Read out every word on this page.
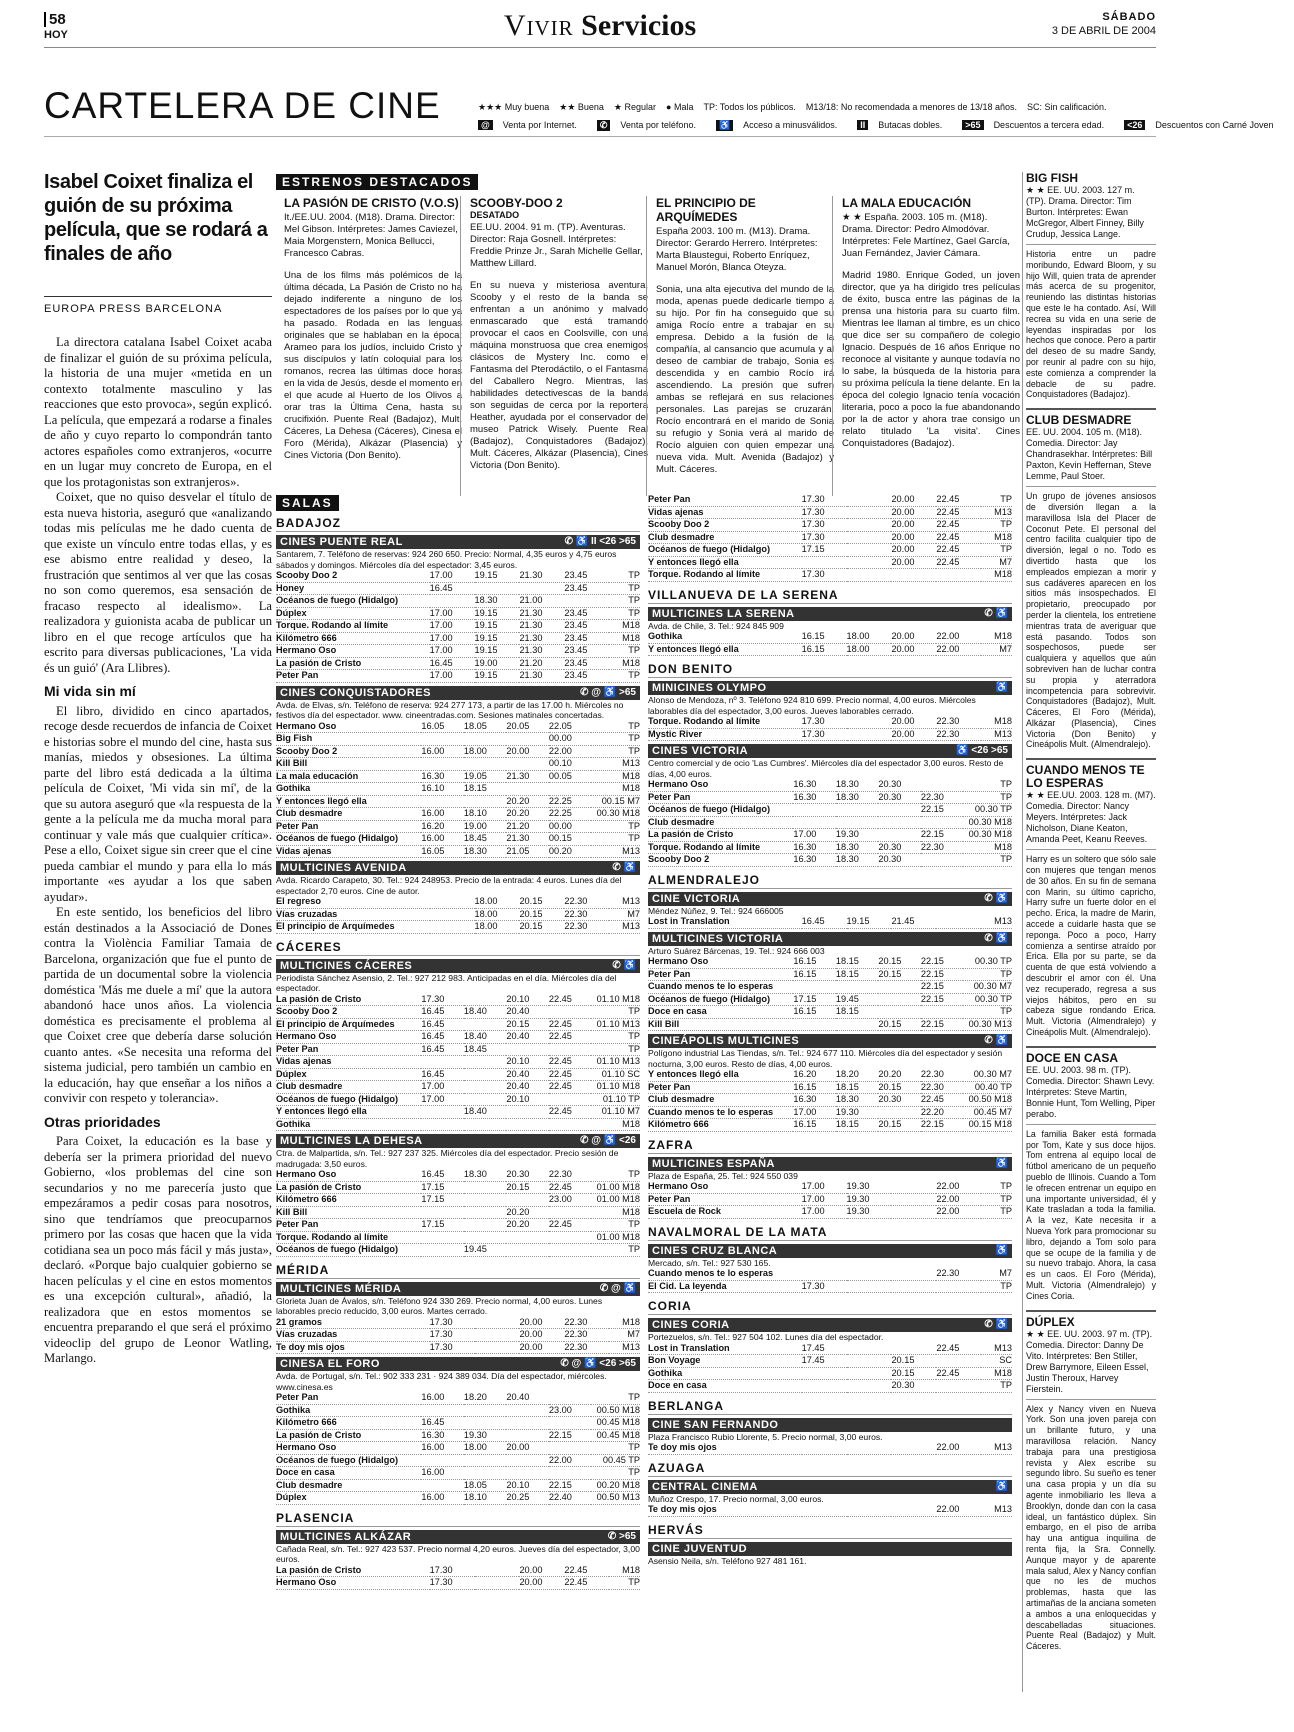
58
HOY	Vivir Servicios	SÁBADO
3 DE ABRIL DE 2004
CARTELERA DE CINE	★★★ Muy buena ★★ Buena ★ Regular ● Mala TP: Todos los públicos. M13/18: No recomendada a menores de 13/18 años. SC: Sin calificación.
@ Venta por Internet.	✆ Venta por teléfono.	♿ Acceso a minusválidos.	II Butacas dobles.	>65 Descuentos a tercera edad.	<26 Descuentos con Carné Joven
Isabel Coixet finaliza el guión de su próxima película, que se rodará a finales de año
EUROPA PRESS BARCELONA

La directora catalana Isabel Coixet acaba de finalizar el guión de su próxima película, la historia de una mujer «metida en un contexto totalmente masculino y las reacciones que esto provoca», según explicó. La película, que empezará a rodarse a finales de año y cuyo reparto lo compondrán tanto actores españoles como extranjeros, «ocurre en un lugar muy concreto de Europa, en el que los protagonistas son extranjeros».

Coixet, que no quiso desvelar el título de esta nueva historia, aseguró que «analizando todas mis películas me he dado cuenta de que existe un vínculo entre todas ellas, y es ese abismo entre realidad y deseo, la frustración que sentimos al ver que las cosas no son como queremos, esa sensación de fracaso respecto al idealismo». La realizadora y guionista acaba de publicar un libro en el que recoge artículos que ha escrito para diversas publicaciones, 'La vida és un guió' (Ara Llibres).

Mi vida sin mí

El libro, dividido en cinco apartados, recoge desde recuerdos de infancia de Coixet e historias sobre el mundo del cine, hasta sus manías, miedos y obsesiones. La última parte del libro está dedicada a la última película de Coixet, 'Mi vida sin mí', de la que su autora aseguró que «la respuesta de la gente a la película me da mucha moral para continuar y vale más que cualquier crítica». Pese a ello, Coixet sigue sin creer que el cine pueda cambiar el mundo y para ella lo más importante «es ayudar a los que saben ayudar».

En este sentido, los beneficios del libro están destinados a la Associació de Dones contra la Violència Familiar Tamaia de Barcelona, organización que fue el punto de partida de un documental sobre la violencia doméstica 'Más me duele a mí' que la autora abandonó hace unos años. La violencia doméstica es precisamente el problema al que Coixet cree que debería darse solución cuanto antes. «Se necesita una reforma del sistema judicial, pero también un cambio en la educación, hay que enseñar a los niños a convivir con respeto y tolerancia».

Otras prioridades

Para Coixet, la educación es la base y debería ser la primera prioridad del nuevo Gobierno, «los problemas del cine son secundarios y no me parecería justo que empezáramos a pedir cosas para nosotros, sino que tendríamos que preocuparnos primero por las cosas que hacen que la vida cotidiana sea un poco más fácil y más justa», declaró. «Porque bajo cualquier gobierno se hacen películas y el cine en estos momentos es una excepción cultural», añadió, la realizadora que en estos momentos se encuentra preparando el que será el próximo videoclip del grupo de Leonor Watling, Marlango.

ESTRENOS DESTACADOS
LA PASIÓN DE CRISTO (V.O.S)
It./EE.UU. 2004. (M18). Drama. Director: Mel Gibson. Intérpretes: James Caviezel, Maia Morgenstern, Monica Bellucci, Francesco Cabras.
Una de los films más polémicos de la última década, La Pasión de Cristo no ha dejado indiferente a ninguno de los espectadores de los países por lo que ya ha pasado. Rodada en las lenguas originales que se hablaban en la época; Arameo para los judíos, incluido Cristo y sus discípulos y latín coloquial para los romanos, recrea las últimas doce horas en la vida de Jesús, desde el momento en el que acude al Huerto de los Olivos a orar tras la Última Cena, hasta su crucifixión. Puente Real (Badajoz), Mult. Cáceres, La Dehesa (Cáceres), Cinesa el Foro (Mérida), Alkázar (Plasencia) y Cines Victoria (Don Benito).
SCOOBY-DOO 2
DESATADO
EE.UU. 2004. 91 m. (TP). Aventuras. Director: Raja Gosnell. Intérpretes: Freddie Prinze Jr., Sarah Michelle Gellar, Matthew Lillard.
En su nueva y misteriosa aventura, Scooby y el resto de la banda se enfrentan a un anónimo y malvado enmascarado que está tramando provocar el caos en Coolsville, con una máquina monstruosa que crea enemigos clásicos de Mystery Inc. como el Fantasma del Pterodáctilo, o el Fantasma del Caballero Negro. Mientras, las habilidades detectivescas de la banda son seguidas de cerca por la reportera Heather, ayudada por el conservador del museo Patrick Wisely. Puente Real (Badajoz), Conquistadores (Badajoz), Mult. Cáceres, Alkázar (Plasencia), Cines Victoria (Don Benito).
EL PRINCIPIO DE ARQUÍMEDES
España 2003. 100 m. (M13). Drama. Director: Gerardo Herrero. Intérpretes: Marta Blaustegui, Roberto Enríquez, Manuel Morón, Blanca Oteyza.
Sonia, una alta ejecutiva del mundo de la moda, apenas puede dedicarle tiempo a su hijo. Por fin ha conseguido que su amiga Rocío entre a trabajar en su empresa. Debido a la fusión de la compañía, al cansancio que acumula y al deseo de cambiar de trabajo, Sonia es descendida y en cambio Rocío irá ascendiendo. La presión que sufren ambas se reflejará en sus relaciones personales. Las parejas se cruzarán. Rocío encontrará en el marido de Sonia su refugio y Sonia verá al marido de Rocío alguien con quien empezar una nueva vida. Mult. Avenida (Badajoz) y Mult. Cáceres.
LA MALA EDUCACIÓN
★ ★ España. 2003. 105 m. (M18). Drama. Director: Pedro Almodóvar. Intérpretes: Fele Martínez, Gael García, Juan Fernández, Javier Cámara.
Madrid 1980. Enrique Goded, un joven director, que ya ha dirigido tres películas de éxito, busca entre las páginas de la prensa una historia para su cuarto film. Mientras lee llaman al timbre, es un chico que dice ser su compañero de colegio Ignacio. Después de 16 años Enrique no reconoce al visitante y aunque todavía no lo sabe, la búsqueda de la historia para su próxima película la tiene delante. En la época del colegio Ignacio tenía vocación literaria, poco a poco la fue abandonando por la de actor y ahora trae consigo un relato titulado 'La visita'. Cines Conquistadores (Badajoz).
SALAS
BADAJOZ
CINES PUENTE REAL	✆ ♿ II <26 >65
Santarem, 7. Teléfono de reservas: 924 260 650. Precio: Normal, 4,35 euros y 4,75 euros sábados y domingos. Miércoles día del espectador: 3,45 euros.
Scooby Doo 2	17.00	19.15	21.30	23.45	TP
Honey	16.45			23.45	TP
Océanos de fuego (Hidalgo)		18.30	21.00		TP
Dúplex	17.00	19.15	21.30	23.45	TP
Torque. Rodando al límite	17.00	19.15	21.30	23.45	M18
Kilómetro 666	17.00	19.15	21.30	23.45	M18
Hermano Oso	17.00	19.15	21.30	23.45	TP
La pasión de Cristo	16.45	19.00	21.20	23.45	M18
Peter Pan	17.00	19.15	21.30	23.45	TP
CINES CONQUISTADORES	✆ @ ♿ >65
Avda. de Elvas, s/n. Teléfono de reserva: 924 277 173, a partir de las 17.00 h. Miércoles no festivos día del espectador. www. cineentradas.com. Sesiones matinales concertadas.
Hermano Oso	16.05	18.05	20.05	22.05	TP
Big Fish				00.00	TP
Scooby Doo 2	16.00	18.00	20.00	22.00	TP
Kill Bill				00.10	M13
La mala educación	16.30	19.05	21.30	00.05	M18
Gothika	16.10	18.15			M18
Y entonces llegó ella			20.20	22.25	00.15 M7
Club desmadre	16.00	18.10	20.20	22.25	00.30 M18
Peter Pan	16.20	19.00	21.20	00.00	TP
Océanos de fuego (Hidalgo)	16.00	18.45	21.30	00.15	TP
Vidas ajenas	16.05	18.30	21.05	00.20	M13
MULTICINES AVENIDA	✆ ♿
Avda. Ricardo Carapeto, 30. Tel.: 924 248953. Precio de la entrada: 4 euros. Lunes día del espectador 2,70 euros. Cine de autor.
El regreso		18.00	20.15	22.30	M13
Vías cruzadas		18.00	20.15	22.30	M7
El principio de Arquímedes		18.00	20.15	22.30	M13
CÁCERES
MULTICINES CÁCERES	✆ ♿
Periodista Sánchez Asensio, 2. Tel.: 927 212 983. Anticipadas en el día. Miércoles día del espectador.
La pasión de Cristo	17.30		20.10	22.45	01.10 M18
Scooby Doo 2	16.45	18.40	20.40		TP
El principio de Arquímedes	16.45		20.15	22.45	01.10 M13
Hermano Oso	16.45	18.40	20.40	22.45	TP
Peter Pan	16.45	18.45			TP
Vidas ajenas			20.10	22.45	01.10 M13
Dúplex	16.45		20.40	22.45	01.10 SC
Club desmadre	17.00		20.40	22.45	01.10 M18
Océanos de fuego (Hidalgo)	17.00		20.10		01.10 TP
Y entonces llegó ella		18.40		22.45	01.10 M7
Gothika					M18
MULTICINES LA DEHESA	✆ @ ♿ <26
Ctra. de Malpartida, s/n. Tel.: 927 237 325. Miércoles día del espectador. Precio sesión de madrugada: 3,50 euros.
Hermano Oso	16.45	18.30	20.30	22.30	TP
La pasión de Cristo	17.15		20.15	22.45	01.00 M18
Kilómetro 666	17.15			23.00	01.00 M18
Kill Bill			20.20		M18
Peter Pan	17.15		20.20	22.45	TP
Torque. Rodando al límite					01.00 M18
Océanos de fuego (Hidalgo)		19.45			TP
MÉRIDA
MULTICINES MÉRIDA	✆ @ ♿
Glorieta Juan de Ávalos, s/n. Teléfono 924 330 269. Precio normal, 4,00 euros. Lunes laborables precio reducido, 3,00 euros. Martes cerrado.
21 gramos	17.30		20.00	22.30	M18
Vías cruzadas	17.30		20.00	22.30	M7
Te doy mis ojos	17.30		20.00	22.30	M13
CINESA EL FORO	✆ @ ♿ <26 >65
Avda. de Portugal, s/n. Tel.: 902 333 231 · 924 389 034. Día del espectador, miércoles. www.cinesa.es
Peter Pan	16.00	18.20	20.40		TP
Gothika				23.00	00.50 M18
Kilómetro 666	16.45				00.45 M18
La pasión de Cristo	16.30	19.30		22.15	00.45 M18
Hermano Oso	16.00	18.00	20.00		TP
Océanos de fuego (Hidalgo)				22.00	00.45 TP
Doce en casa	16.00				TP
Club desmadre		18.05	20.10	22.15	00.20 M18
Dúplex	16.00	18.10	20.25	22.40	00.50 M13
PLASENCIA
MULTICINES ALKÁZAR	✆ >65
Cañada Real, s/n. Tel.: 927 423 537. Precio normal 4,20 euros. Jueves día del espectador, 3,00 euros.
La pasión de Cristo	17.30		20.00	22.45	M18
Hermano Oso	17.30		20.00	22.45	TP
Peter Pan	17.30		20.00	22.45	TP
Vidas ajenas	17.30		20.00	22.45	M13
Scooby Doo 2	17.30		20.00	22.45	TP
Club desmadre	17.30		20.00	22.45	M18
Océanos de fuego (Hidalgo)	17.15		20.00	22.45	TP
Y entonces llegó ella			20.00	22.45	M7
Torque. Rodando al límite	17.30				M18
VILLANUEVA DE LA SERENA
MULTICINES LA SERENA	✆ ♿
Avda. de Chile, 3. Tel.: 924 845 909
Gothika	16.15	18.00	20.00	22.00	M18
Y entonces llegó ella	16.15	18.00	20.00	22.00	M7
DON BENITO
MINICINES OLYMPO	♿
Alonso de Mendoza, nº 3. Teléfono 924 810 699. Precio normal, 4,00 euros. Miércoles laborables día del espectador, 3,00 euros. Jueves laborables cerrado.
Torque. Rodando al límite	17.30		20.00	22.30	M18
Mystic River	17.30		20.00	22.30	M13
CINES VICTORIA	♿ <26 >65
Centro comercial y de ocio 'Las Cumbres'. Miércoles día del espectador 3,00 euros. Resto de días, 4,00 euros.
Hermano Oso	16.30	18.30	20.30		TP
Peter Pan	16.30	18.30	20.30	22.30	TP
Océanos de fuego (Hidalgo)				22.15	00.30 TP
Club desmadre					00.30 M18
La pasión de Cristo	17.00	19.30		22.15	00.30 M18
Torque. Rodando al límite	16.30	18.30	20.30	22.30	M18
Scooby Doo 2	16.30	18.30	20.30		TP
ALMENDRALEJO
CINE VICTORIA	✆ ♿
Méndez Núñez, 9. Tel.: 924 666005
Lost in Translation	16.45	19.15	21.45		M13
MULTICINES VICTORIA	✆ ♿
Arturo Suárez Bárcenas, 19. Tel.: 924 666 003
Hermano Oso	16.15	18.15	20.15	22.15	00.30 TP
Peter Pan	16.15	18.15	20.15	22.15	TP
Cuando menos te lo esperas				22.15	00.30 M7
Océanos de fuego (Hidalgo)	17.15	19.45		22.15	00.30 TP
Doce en casa	16.15	18.15			TP
Kill Bill			20.15	22.15	00.30 M13
CINEÁPOLIS MULTICINES	✆ ♿
Polígono industrial Las Tiendas, s/n. Tel.: 924 677 110. Miércoles día del espectador y sesión nocturna, 3,00 euros. Resto de días, 4,00 euros.
Y entonces llegó ella	16.20	18.20	20.20	22.30	00.30 M7
Peter Pan	16.15	18.15	20.15	22.30	00.40 TP
Club desmadre	16.30	18.30	20.30	22.45	00.50 M18
Cuando menos te lo esperas	17.00	19.30		22.20	00.45 M7
Kilómetro 666	16.15	18.15	20.15	22.15	00.15 M18
ZAFRA
MULTICINES ESPAÑA	♿
Plaza de España, 25. Tel.: 924 550 039
Hermano Oso	17.00	19.30		22.00	TP
Peter Pan	17.00	19.30		22.00	TP
Escuela de Rock	17.00	19.30		22.00	TP
NAVALMORAL DE LA MATA
CINES CRUZ BLANCA	♿
Mercado, s/n. Tel.: 927 530 165.
Cuando menos te lo esperas				22.30	M7
El Cid. La leyenda	17.30				TP
CORIA
CINES CORIA	✆ ♿
Portezuelos, s/n. Tel.: 927 504 102. Lunes día del espectador.
Lost in Translation	17.45			22.45	M13
Bon Voyage	17.45		20.15		SC
Gothika			20.15	22.45	M18
Doce en casa			20.30		TP
BERLANGA
CINE SAN FERNANDO
Plaza Francisco Rubio Llorente, 5. Precio normal, 3,00 euros.
Te doy mis ojos				22.00	M13
AZUAGA
CENTRAL CINEMA	♿
Muñoz Crespo, 17. Precio normal, 3,00 euros.
Te doy mis ojos				22.00	M13
HERVÁS
CINE JUVENTUD
Asensio Neila, s/n. Teléfono 927 481 161.
BIG FISH
★ ★ EE. UU. 2003. 127 m. (TP). Drama. Director: Tim Burton. Intérpretes: Ewan McGregor, Albert Finney, Billy Crudup, Jessica Lange.
Historia entre un padre moribundo, Edward Bloom, y su hijo Will, quien trata de aprender más acerca de su progenitor, reuniendo las distintas historias que este le ha contado. Así, Will recrea su vida en una serie de leyendas inspiradas por los hechos que conoce. Pero a partir del deseo de su madre Sandy, por reunir al padre con su hijo, este comienza a comprender la debacle de su padre. Conquistadores (Badajoz).
CLUB DESMADRE
EE. UU. 2004. 105 m. (M18). Comedia. Director: Jay Chandrasekhar. Intérpretes: Bill Paxton, Kevin Heffernan, Steve Lemme, Paul Stoer.
Un grupo de jóvenes ansiosos de diversión llegan a la maravillosa Isla del Placer de Coconut Pete. El personal del centro facilita cualquier tipo de diversión, legal o no. Todo es divertido hasta que los empleados empiezan a morir y sus cadáveres aparecen en los sitios más insospechados. El propietario, preocupado por perder la clientela, los entretiene mientras trata de averiguar que está pasando. Todos son sospechosos, puede ser cualquiera y aquellos que aún sobreviven han de luchar contra su propia y aterradora incompetencia para sobrevivir. Conquistadores (Badajoz), Mult. Cáceres, El Foro (Mérida), Alkázar (Plasencia), Cines Victoria (Don Benito) y Cineápolis Mult. (Almendralejo).
CUANDO MENOS TE LO ESPERAS
★ ★ EE.UU. 2003. 128 m. (M7). Comedia. Director: Nancy Meyers. Intérpretes: Jack Nicholson, Diane Keaton, Amanda Peet, Keanu Reeves.
Harry es un soltero que sólo sale con mujeres que tengan menos de 30 años. En su fin de semana con Marin, su último capricho, Harry sufre un fuerte dolor en el pecho. Erica, la madre de Marin, accede a cuidarle hasta que se reponga. Poco a poco, Harry comienza a sentirse atraído por Erica. Ella por su parte, se da cuenta de que está volviendo a descubrir el amor con él. Una vez recuperado, regresa a sus viejos hábitos, pero en su cabeza sigue rondando Erica. Mult. Victoria (Almendralejo) y Cineápolis Mult. (Almendralejo).
DOCE EN CASA
EE. UU. 2003. 98 m. (TP). Comedia. Director: Shawn Levy. Intérpretes: Steve Martin, Bonnie Hunt, Tom Welling, Piper perabo.
La familia Baker está formada por Tom, Kate y sus doce hijos. Tom entrena al equipo local de fútbol americano de un pequeño pueblo de Illinois. Cuando a Tom le ofrecen entrenar un equipo en una importante universidad, él y Kate trasladan a toda la familia. A la vez, Kate necesita ir a Nueva York para promocionar su libro, dejando a Tom solo para que se ocupe de la familia y de su nuevo trabajo. Ahora, la casa es un caos. El Foro (Mérida), Mult. Victoria (Almendralejo) y Cines Coria.
DÚPLEX
★ ★ EE. UU. 2003. 97 m. (TP). Comedia. Director: Danny De Vito. Intérpretes: Ben Stiller, Drew Barrymore, Eileen Essel, Justin Theroux, Harvey Fierstein.
Alex y Nancy viven en Nueva York. Son una joven pareja con un brillante futuro, y una maravillosa relación. Nancy trabaja para una prestigiosa revista y Alex escribe su segundo libro. Su sueño es tener una casa propia y un día su agente inmobiliario les lleva a Brooklyn, donde dan con la casa ideal, un fantástico dúplex. Sin embargo, en el piso de arriba hay una antigua inquilina de renta fija, la Sra. Connelly. Aunque mayor y de aparente mala salud, Alex y Nancy confían que no les de muchos problemas, hasta que las artimañas de la anciana someten a ambos a una enloquecidas y descabelladas situaciones. Puente Real (Badajoz) y Mult. Cáceres.
